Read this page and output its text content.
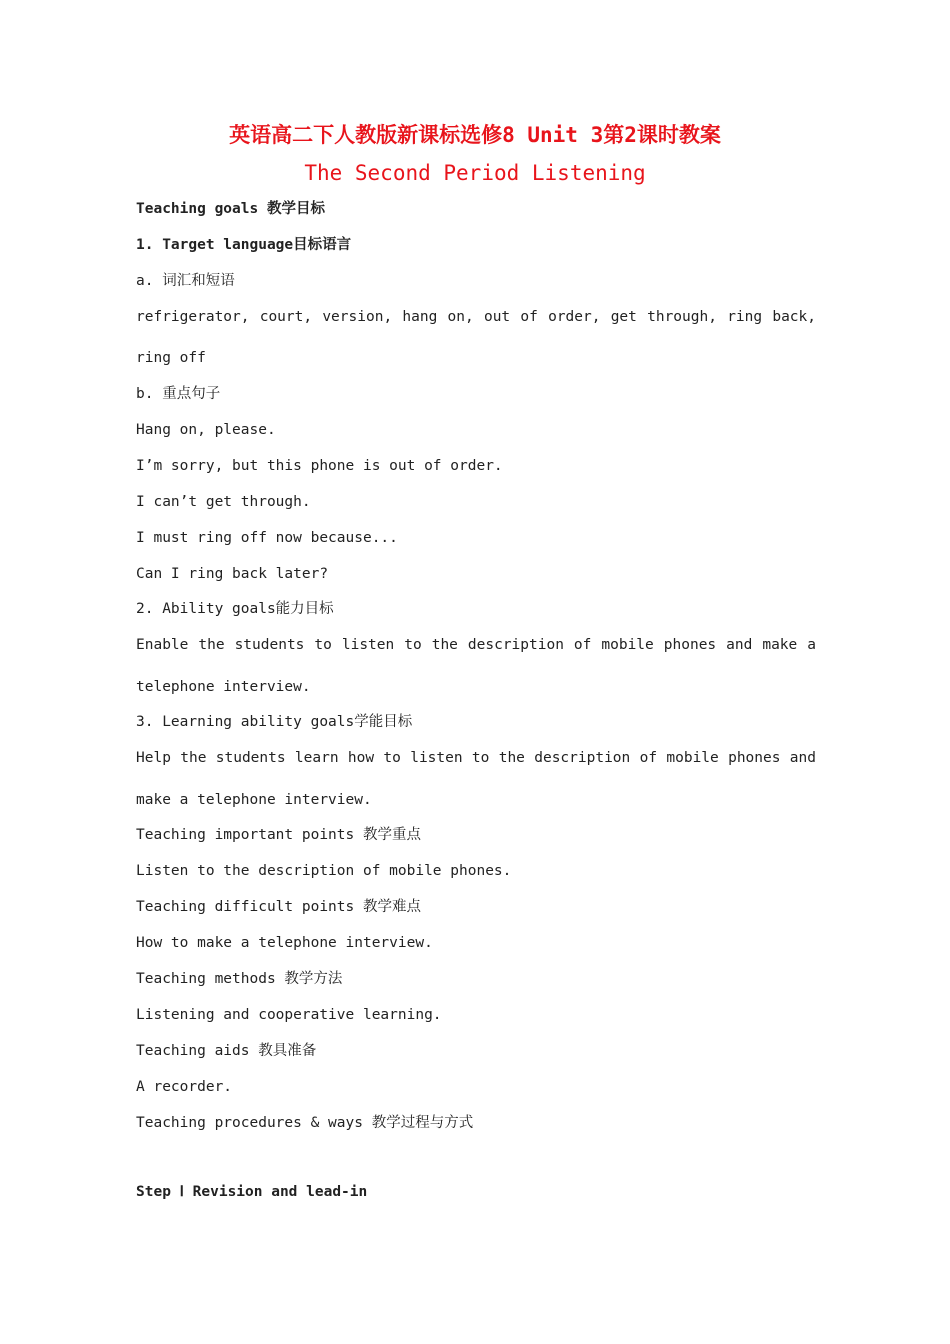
英语高二下人教版新课标选修8 Unit 3第2课时教案
The Second Period Listening
Teaching goals 教学目标
1. Target language目标语言
a. 词汇和短语
refrigerator, court, version, hang on, out of order, get through, ring back,
ring off
b. 重点句子
Hang on, please.
I’m sorry, but this phone is out of order.
I can’t get through.
I must ring off now because...
Can I ring back later?
2. Ability goals能力目标
Enable the students to listen to the description of mobile phones and make a
telephone interview.
3. Learning ability goals学能目标
Help the students learn how to listen to the description of mobile phones and
make a telephone interview.
Teaching important points 教学重点
Listen to the description of mobile phones.
Teaching difficult points 教学难点
How to make a telephone interview.
Teaching methods 教学方法
Listening and cooperative learning.
Teaching aids 教具准备
A recorder.
Teaching procedures & ways 教学过程与方式
Step Ⅰ Revision and lead-in
